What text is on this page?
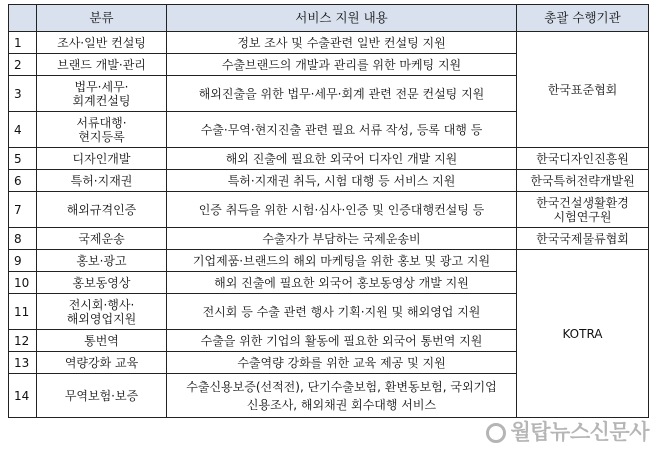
	분류	서비스 지원 내용	총괄 수행기관
1	조사·일반 컨설팅	정보 조사 및 수출관련 일반 컨설팅 지원	한국표준협회
2	브랜드 개발·관리	수출브랜드의 개발과 관리를 위한 마케팅 지원	
3	법무·세무·
회계컨설팅	해외진출을 위한 법무·세무·회계 관련 전문 컨설팅 지원	
4	서류대행·
현지등록	수출·무역·현지진출 관련 필요 서류 작성, 등록 대행 등	
5	디자인개발	해외 진출에 필요한 외국어 디자인 개발 지원	한국디자인진흥원
6	특허·지재권	특허·지재권 취득, 시험 대행 등 서비스 지원	한국특허전략개발원
7	해외규격인증	인증 취득을 위한 시험·심사·인증 및 인증대행컨설팅 등	한국건설생활환경
시험연구원

8	국제운송	수출자가 부담하는 국제운송비	한국국제물류협회
9	홍보·광고	기업제품·브랜드의 해외 마케팅을 위한 홍보 및 광고 지원	KOTRA
10	홍보동영상	해외 진출에 필요한 외국어 홍보동영상 개발 지원	
11	전시회·행사·
해외영업지원	전시회 등 수출 관련 행사 기획·지원 및 해외영업 지원	
12	통번역	수출을 위한 기업의 활동에 필요한 외국어 통번역 지원	
13	역량강화 교육	수출역량 강화를 위한 교육 제공 및 지원	
14	무역보험·보증	수출신용보증(선적전), 단기수출보험, 환변동보험, 국외기업
신용조사, 해외채권 회수대행 서비스	
월탑뉴스신문사
